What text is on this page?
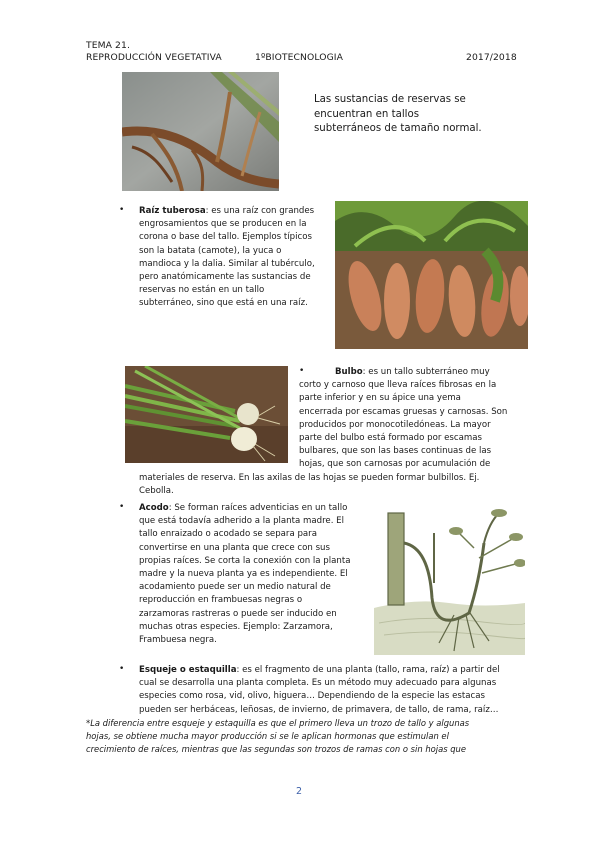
TEMA 21.
REPRODUCCIÓN VEGETATIVA	1ºBIOTECNOLOGIA	2017/2018
Las sustancias de reservas se
encuentran en tallos
subterráneos de tamaño normal.
• Raíz tuberosa: es una raíz con grandes
engrosamientos que se producen en la
corona o base del tallo. Ejemplos típicos
son la batata (camote), la yuca o
mandioca y la dalia. Similar al tubérculo,
pero anatómicamente las sustancias de
reservas no están en un tallo
subterráneo, sino que está en una raíz.
•	Bulbo: es un tallo subterráneo muy
corto y carnoso que lleva raíces fibrosas en la
parte inferior y en su ápice una yema
encerrada por escamas gruesas y carnosas. Son
producidos por monocotiledóneas. La mayor
parte del bulbo está formado por escamas
bulbares, que son las bases continuas de las
hojas, que son carnosas por acumulación de
materiales de reserva. En las axilas de las hojas se pueden formar bulbillos. Ej.
Cebolla.
• Acodo: Se forman raíces adventicias en un tallo
que está todavía adherido a la planta madre. El
tallo enraizado o acodado se separa para
convertirse en una planta que crece con sus
propias raíces. Se corta la conexión con la planta
madre y la nueva planta ya es independiente. El
acodamiento puede ser un medio natural de
reproducción en frambuesas negras o
zarzamoras rastreras o puede ser inducido en
muchas otras especies. Ejemplo: Zarzamora,
Frambuesa negra.
• Esqueje o estaquilla: es el fragmento de una planta (tallo, rama, raíz) a partir del
cual se desarrolla una planta completa. Es un método muy adecuado para algunas
especies como rosa, vid, olivo, higuera… Dependiendo de la especie las estacas
pueden ser herbáceas, leñosas, de invierno, de primavera, de tallo, de rama, raíz…
*La diferencia entre esqueje y estaquilla es que el primero lleva un trozo de tallo y algunas
hojas, se obtiene mucha mayor producción si se le aplican hormonas que estimulan el
crecimiento de raíces, mientras que las segundas son trozos de ramas con o sin hojas que
2
